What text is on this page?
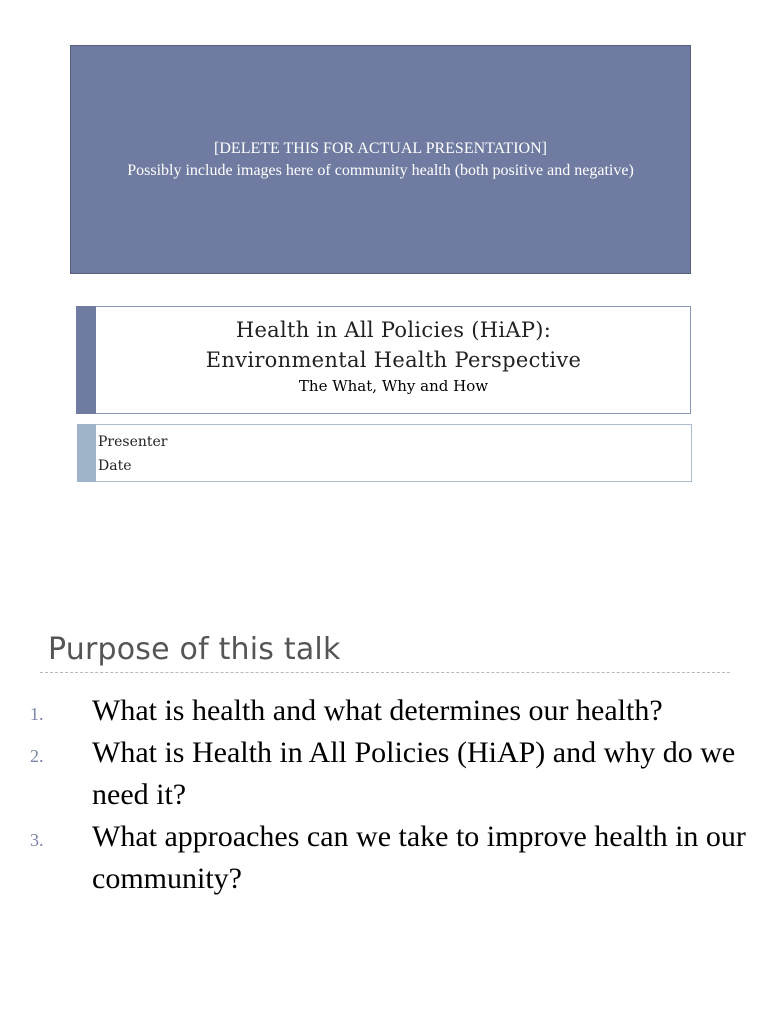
[DELETE THIS FOR ACTUAL PRESENTATION]
Possibly include images here of community health (both positive and negative)
Health in All Policies (HiAP):
Environmental Health Perspective
The What, Why and How
Presenter
Date
Purpose of this talk
1.	What is health and what determines our health?
2.	What is Health in All Policies (HiAP) and why do we need it?
3.	What approaches can we take to improve health in our community?
